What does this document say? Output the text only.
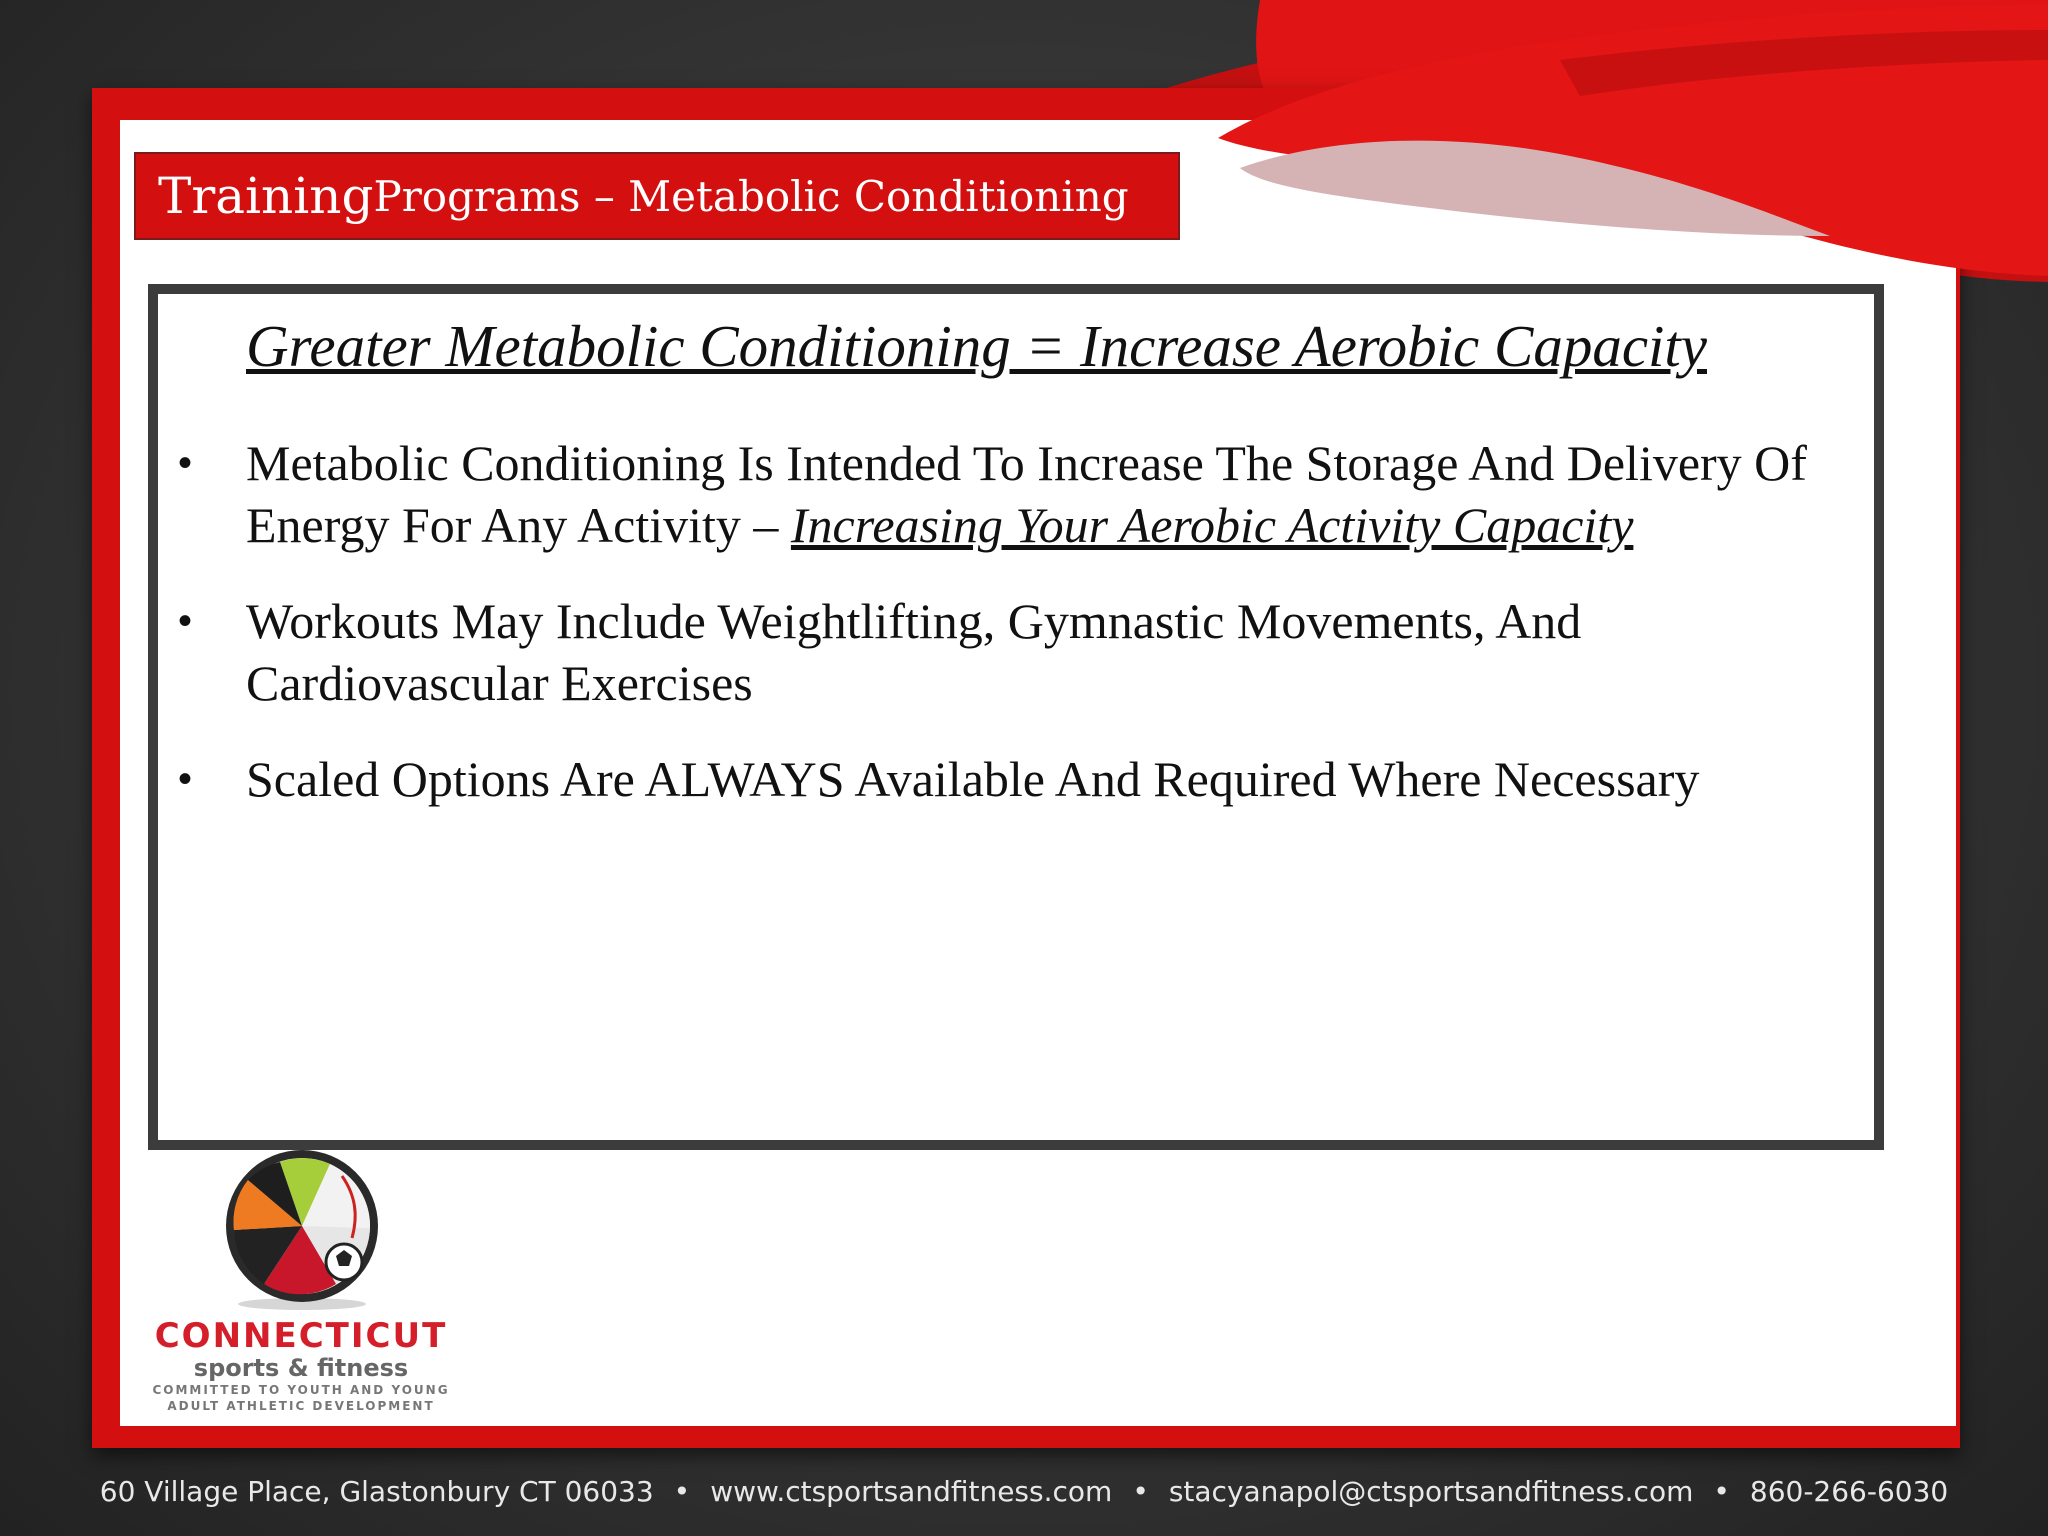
Training Programs – Metabolic Conditioning
Greater Metabolic Conditioning = Increase Aerobic Capacity
• Metabolic Conditioning Is Intended To Increase The Storage And Delivery Of Energy For Any Activity – Increasing Your Aerobic Activity Capacity
• Workouts May Include Weightlifting, Gymnastic Movements, And Cardiovascular Exercises
• Scaled Options Are ALWAYS Available And Required Where Necessary
CONNECTICUT
sports & fitness
COMMITTED TO YOUTH AND YOUNG
ADULT ATHLETIC DEVELOPMENT
60 Village Place, Glastonbury CT 06033 • www.ctsportsandfitness.com • stacyanapol@ctsportsandfitness.com • 860-266-6030
